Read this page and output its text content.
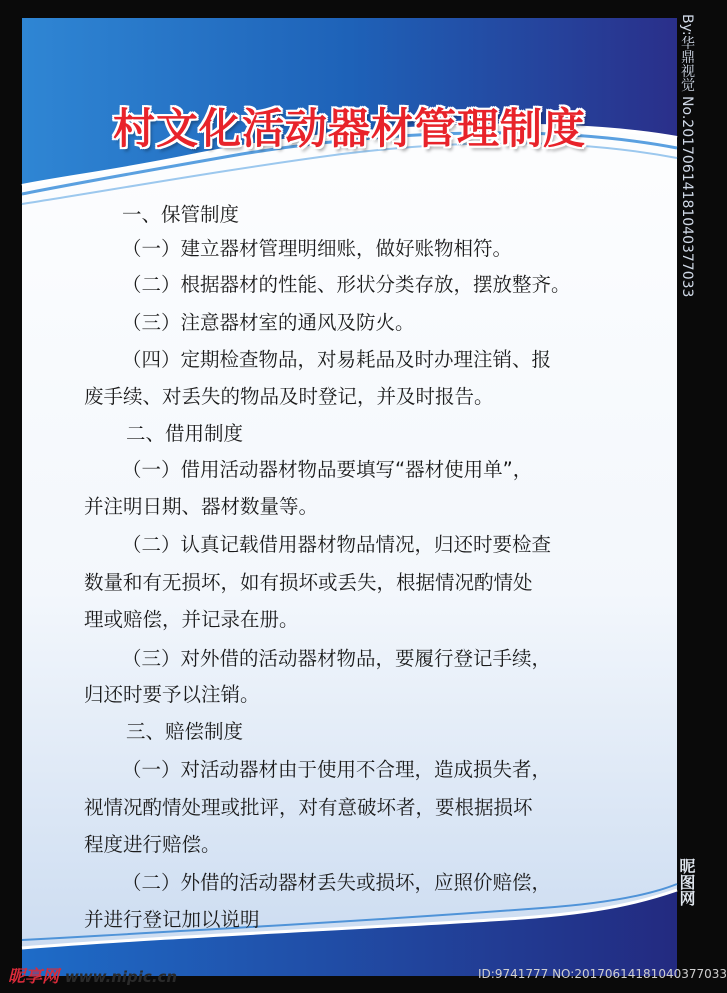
村文化活动器材管理制度
一、保管制度
（一）建立器材管理明细账，做好账物相符。
（二）根据器材的性能、形状分类存放，摆放整齐。
（三）注意器材室的通风及防火。
（四）定期检查物品，对易耗品及时办理注销、报
废手续、对丢失的物品及时登记，并及时报告。
二、借用制度
（一）借用活动器材物品要填写“器材使用单”，
并注明日期、器材数量等。
（二）认真记载借用器材物品情况，归还时要检查
数量和有无损坏，如有损坏或丢失，根据情况酌情处
理或赔偿，并记录在册。
（三）对外借的活动器材物品，要履行登记手续，
归还时要予以注销。
三、赔偿制度
（一）对活动器材由于使用不合理，造成损失者，
视情况酌情处理或批评，对有意破坏者，要根据损坏
程度进行赔偿。
（二）外借的活动器材丢失或损坏，应照价赔偿，
并进行登记加以说明
By:华鼎视觉 No.20170614181040377033
昵图网
昵享网 www.nipic.cn	ID:9741777 NO:20170614181040377033
